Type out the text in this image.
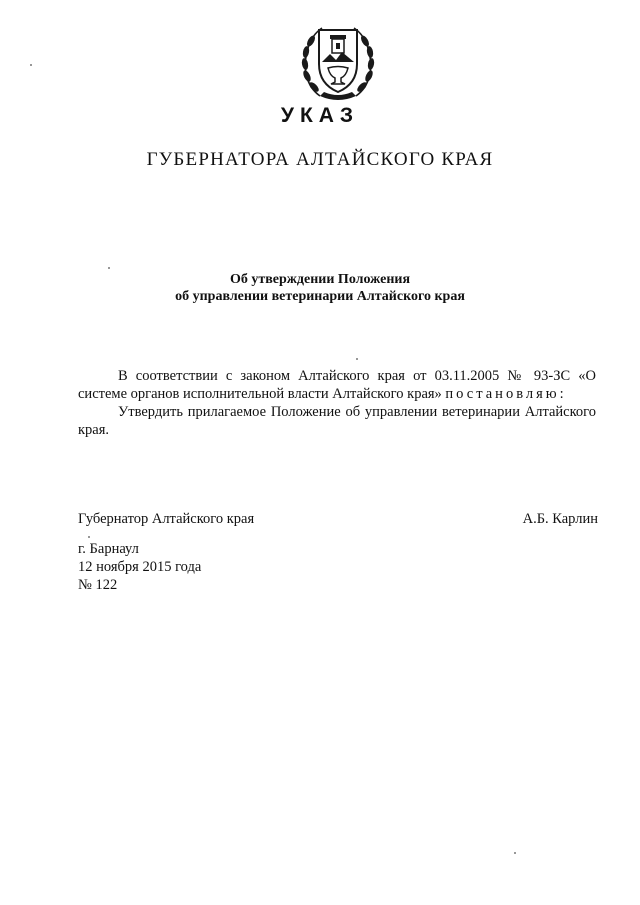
УКАЗ
ГУБЕРНАТОРА АЛТАЙСКОГО КРАЯ
Об утверждении Положения
об управлении ветеринарии Алтайского края

В соответствии с законом Алтайского края от 03.11.2005 № 93-ЗС «О системе органов исполнительной власти Алтайского края» постановляю:

Утвердить прилагаемое Положение об управлении ветеринарии Алтайского края.

Губернатор Алтайского края	А.Б. Карлин
г. Барнаул
12 ноября 2015 года
№ 122
